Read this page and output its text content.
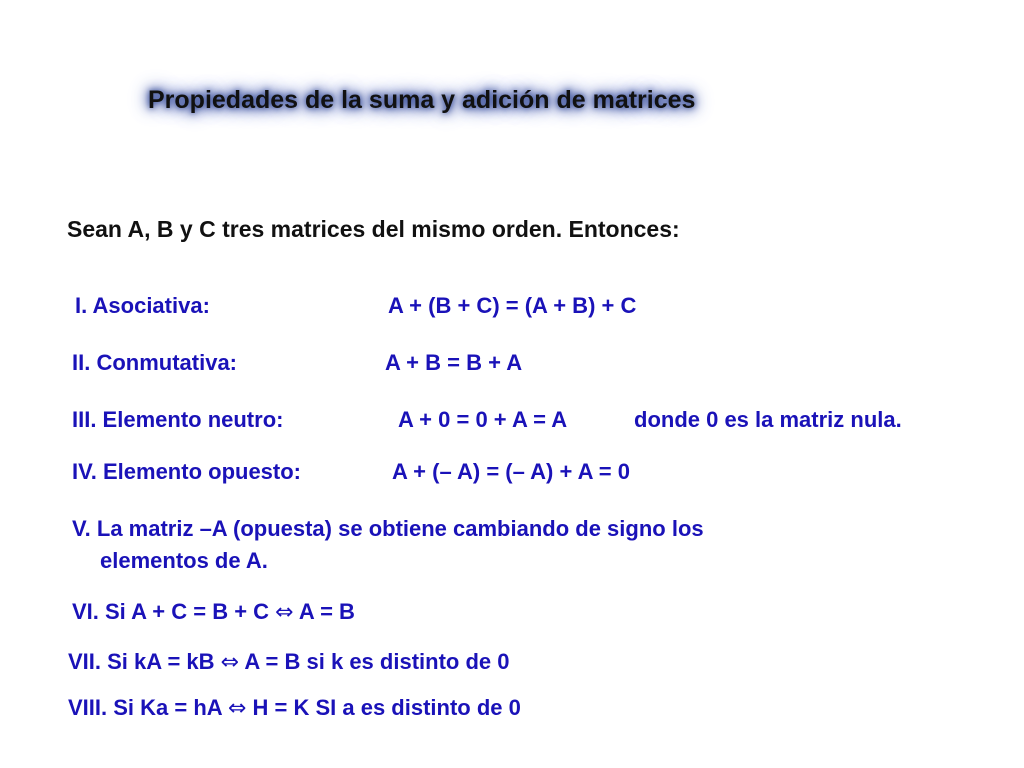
Propiedades de la suma y adición de matrices
Sean A, B y C tres matrices del mismo orden. Entonces:
I. Asociativa:	A + (B + C) = (A + B) + C
II. Conmutativa:	A + B = B + A
III. Elemento neutro:	A + 0 = 0 + A = A	donde 0 es la matriz nula.
IV. Elemento opuesto:	A + (– A) = (– A) + A = 0
V. La matriz –A (opuesta) se obtiene cambiando de signo los
elementos de A.
VI. Si A + C = B + C ⇔ A = B
VII. Si kA = kB ⇔ A = B si k es distinto de 0
VIII. Si Ka = hA ⇔ H = K SI a es distinto de 0
